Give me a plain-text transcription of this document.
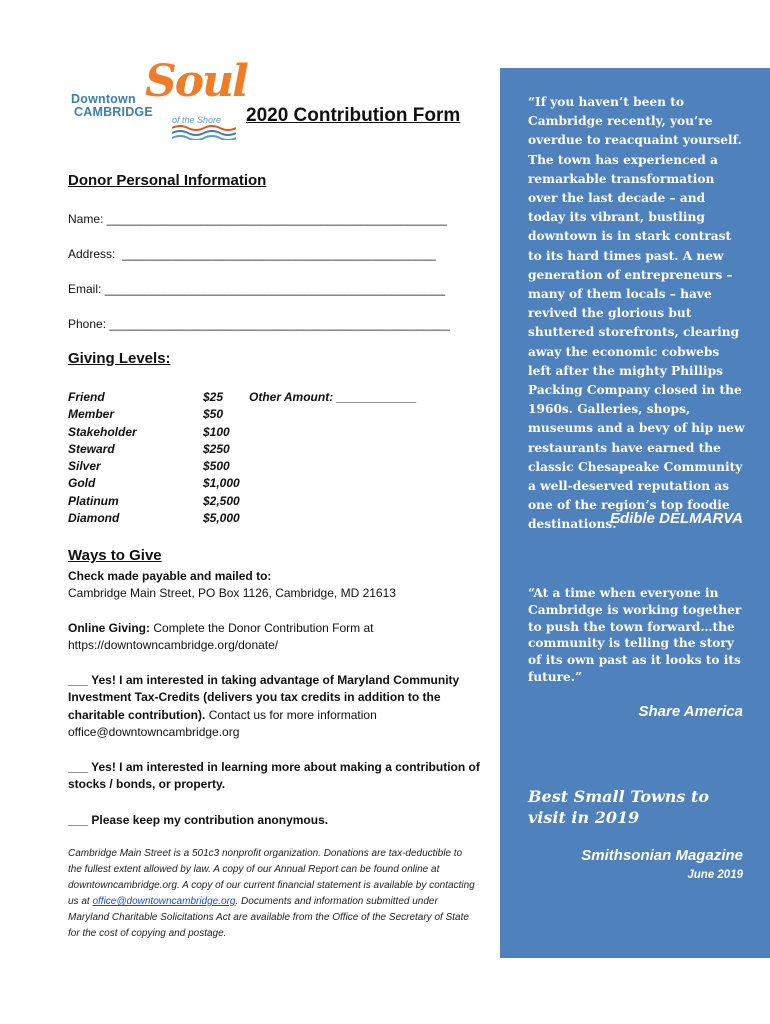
Downtown
CAMBRIDGE
Soul
of the Shore 2020 Contribution Form
Donor Personal Information
Name: ___________________________________________________
Address: _______________________________________________
Email: ___________________________________________________
Phone: ___________________________________________________
Giving Levels:
Friend
Member
Stakeholder
Steward
Silver
Gold
Platinum
Diamond
$25
$50
$100
$250
$500
$1,000
$2,500
$5,000
Other Amount: ____________
Ways to Give
Check made payable and mailed to:
Cambridge Main Street, PO Box 1126, Cambridge, MD 21613
Online Giving: Complete the Donor Contribution Form at
https://downtowncambridge.org/donate/
___ Yes! I am interested in taking advantage of Maryland Community Investment Tax-Credits (delivers you tax credits in addition to the charitable contribution). Contact us for more information
office@downtowncambridge.org
___ Yes! I am interested in learning more about making a contribution of stocks / bonds, or property.
___ Please keep my contribution anonymous.
Cambridge Main Street is a 501c3 nonprofit organization. Donations are tax-deductible to the fullest extent allowed by law. A copy of our Annual Report can be found online at downtowncambridge.org. A copy of our current financial statement is available by contacting us at office@downtowncambridge.org. Documents and information submitted under Maryland Charitable Solicitations Act are available from the Office of the Secretary of State for the cost of copying and postage.
“If you haven’t been to Cambridge recently, you’re overdue to reacquaint yourself. The town has experienced a remarkable transformation over the last decade – and today its vibrant, bustling downtown is in stark contrast to its hard times past. A new generation of entrepreneurs – many of them locals – have revived the glorious but shuttered storefronts, clearing away the economic cobwebs left after the mighty Phillips Packing Company closed in the 1960s. Galleries, shops, museums and a bevy of hip new restaurants have earned the classic Chesapeake Community a well-deserved reputation as one of the region’s top foodie destinations.”
Edible DELMARVA
“At a time when everyone in Cambridge is working together to push the town forward…the community is telling the story of its own past as it looks to its future.”
Share America
Best Small Towns to visit in 2019
Smithsonian Magazine
June 2019
